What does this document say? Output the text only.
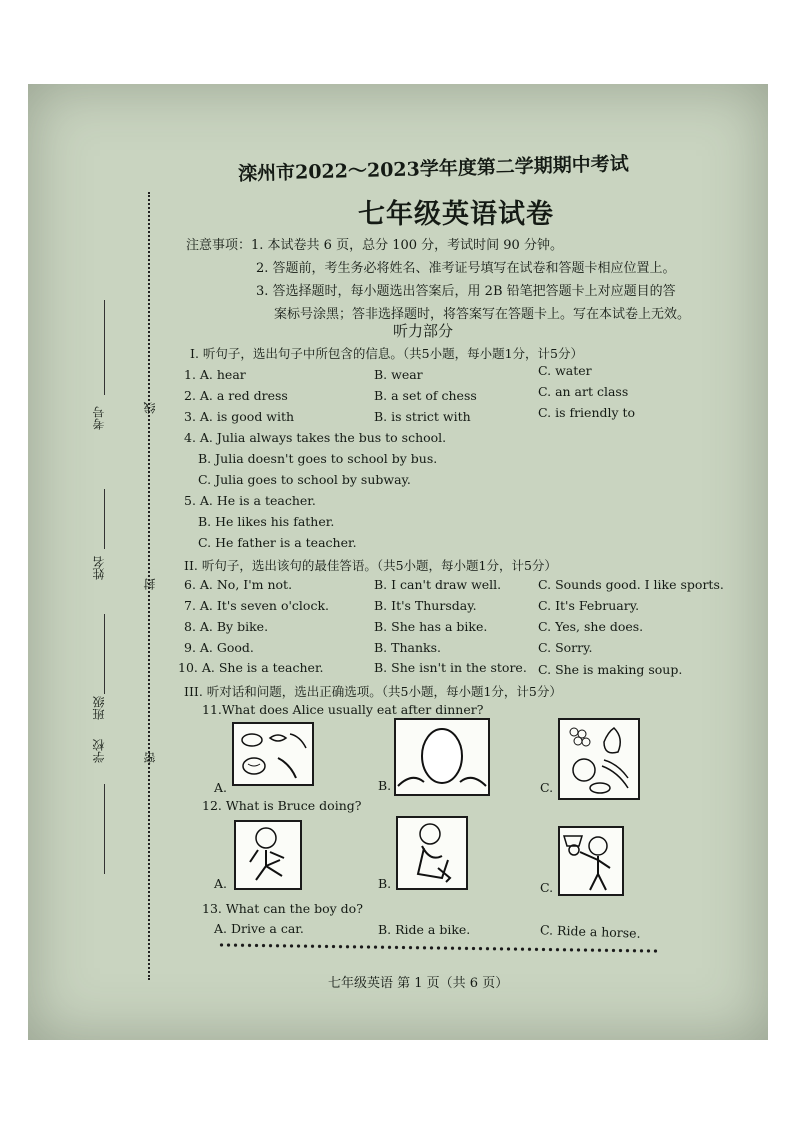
线
封
密
考号
姓名
班级
学校
滦州市2022～2023学年度第二学期期中考试
七年级英语试卷
注意事项：1. 本试卷共 6 页，总分 100 分，考试时间 90 分钟。
2. 答题前，考生务必将姓名、准考证号填写在试卷和答题卡相应位置上。
3. 答选择题时，每小题选出答案后，用 2B 铅笔把答题卡上对应题目的答
案标号涂黑；答非选择题时，将答案写在答题卡上。写在本试卷上无效。
听力部分
I. 听句子，选出句子中所包含的信息。（共5小题，每小题1分，计5分）
1. A. hear	B. wear	C. water
2. A. a red dress	B. a set of chess	C. an art class
3. A. is good with	B. is strict with	C. is friendly to
4. A. Julia always takes the bus to school.
B. Julia doesn't goes to school by bus.
C. Julia goes to school by subway.
5. A. He is a teacher.
B. He likes his father.
C. He father is a teacher.
II. 听句子，选出该句的最佳答语。（共5小题，每小题1分，计5分）
6. A. No, I'm not.	B. I can't draw well.	C. Sounds good. I like sports.
7. A. It's seven o'clock.	B. It's Thursday.	C. It's February.
8. A. By bike.	B. She has a bike.	C. Yes, she does.
9. A. Good.	B. Thanks.	C. Sorry.
10. A. She is a teacher.	B. She isn't in the store. C. She is making soup.
III. 听对话和问题，选出正确选项。（共5小题，每小题1分，计5分）
11.What does Alice usually eat after dinner?
A.	B.	C.
12. What is Bruce doing?
A.	B.	C.
13. What can the boy do?
A. Drive a car.	B. Ride a bike.	C. Ride a horse.
七年级英语 第 1 页（共 6 页）
